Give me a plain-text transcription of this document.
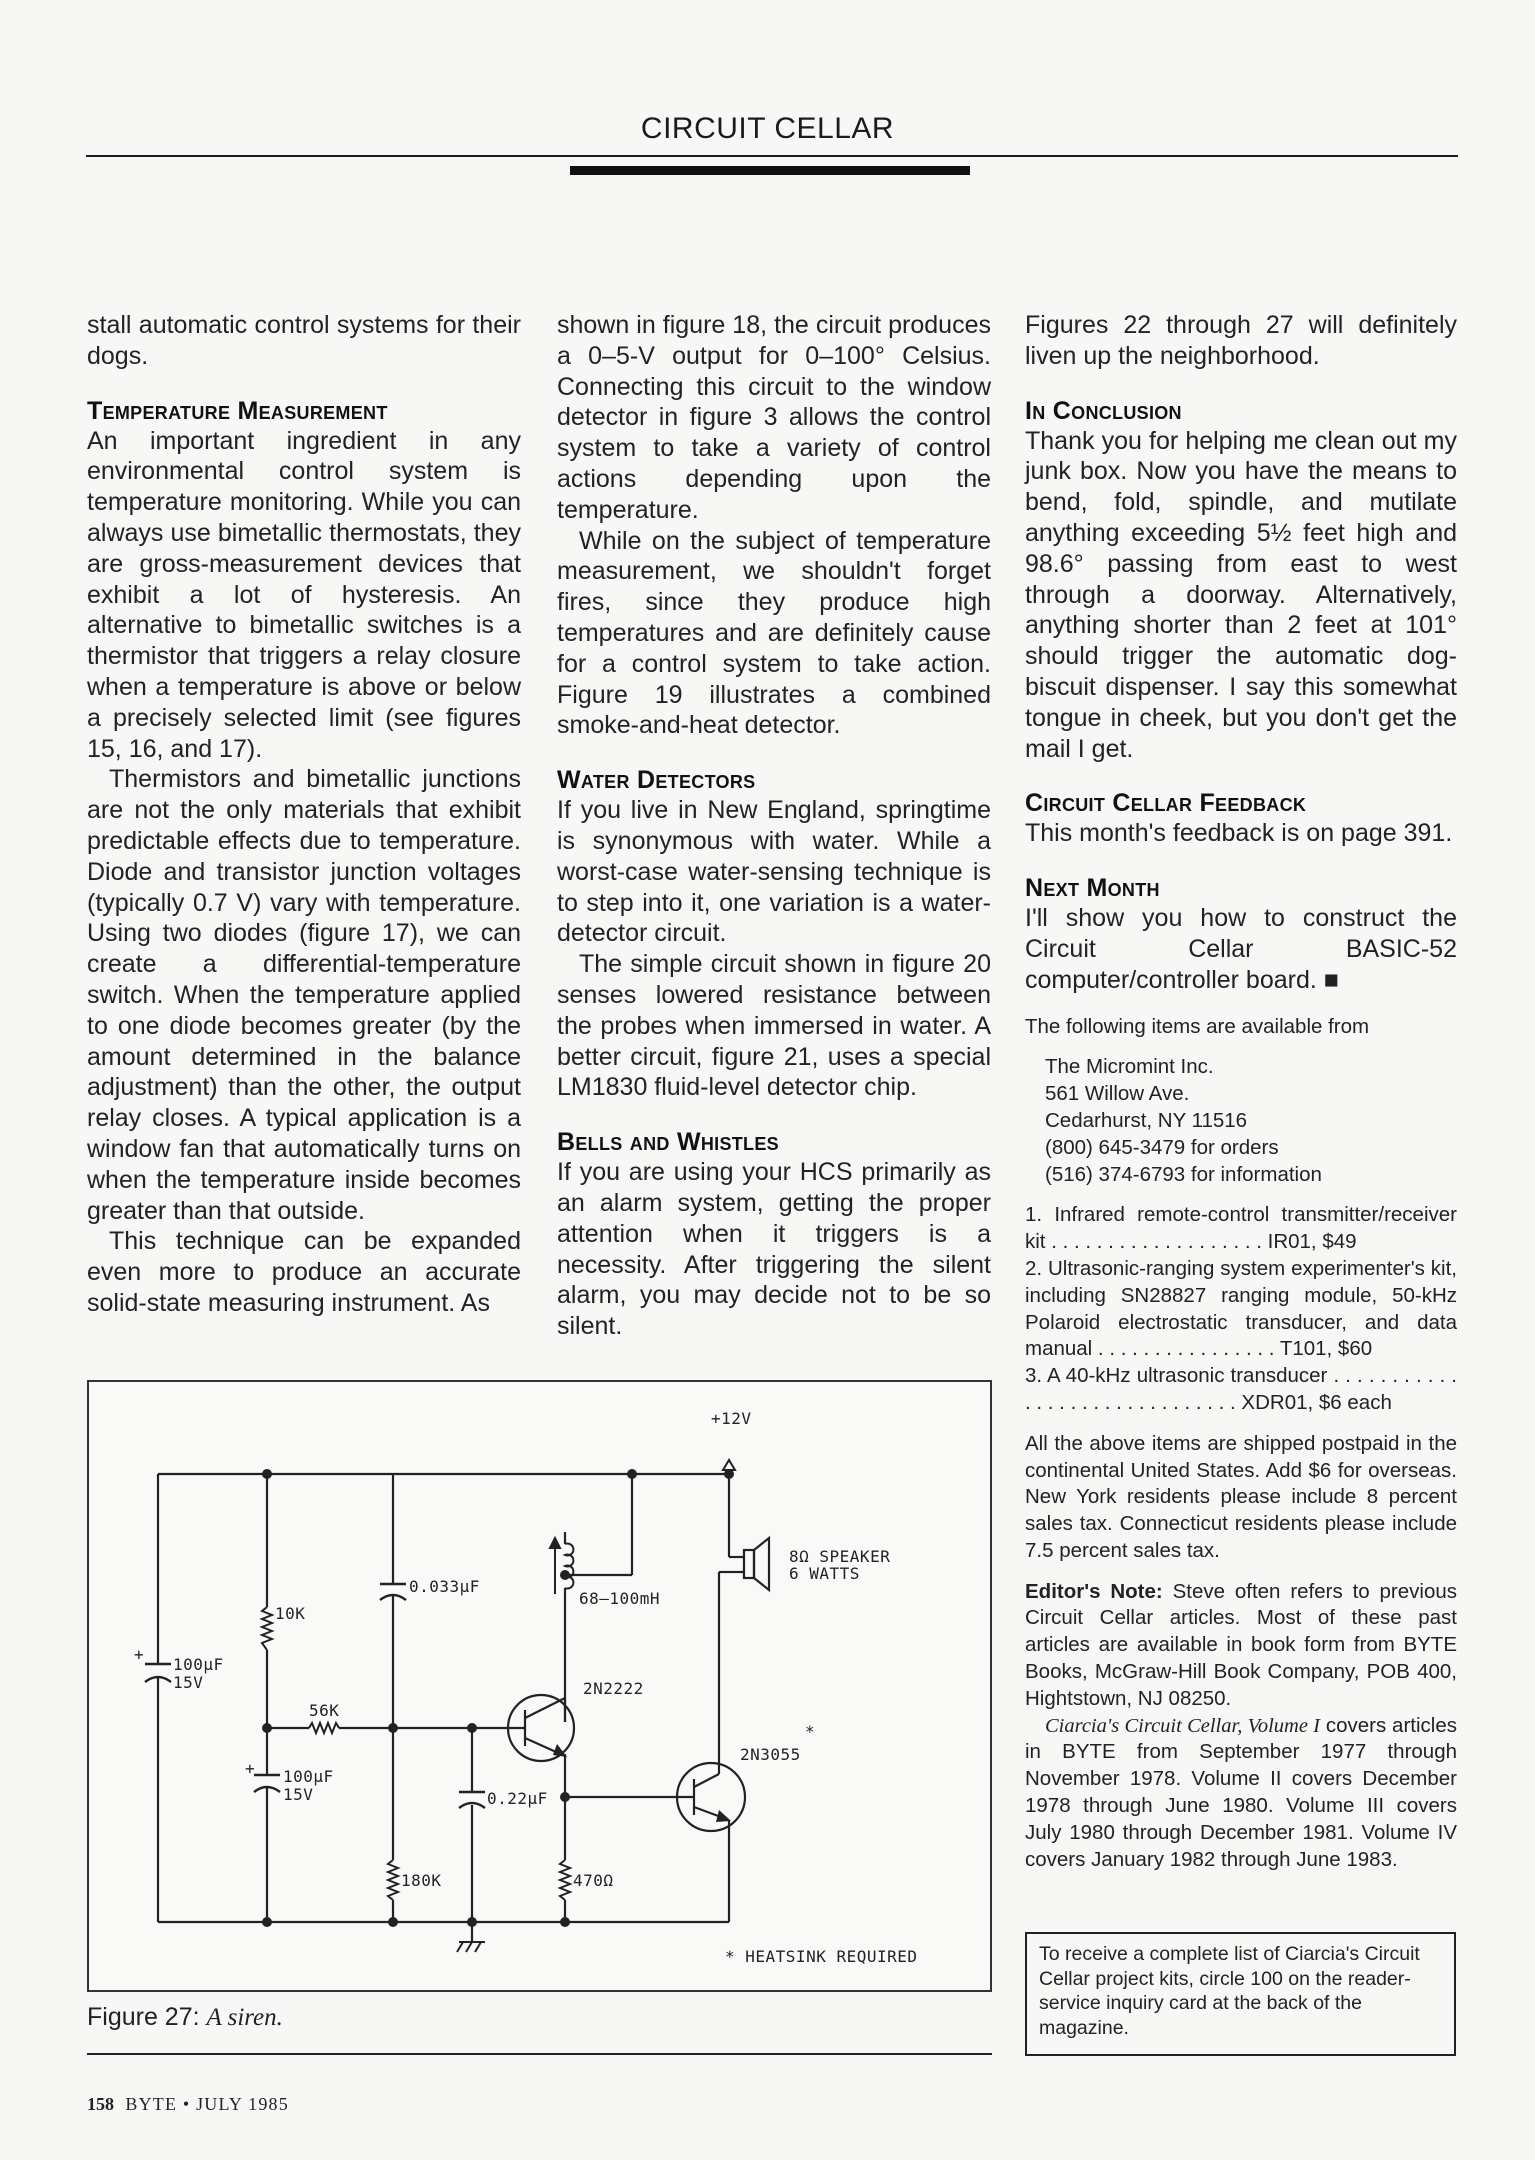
CIRCUIT CELLAR

stall automatic control systems for their dogs.

Temperature Measurement

An important ingredient in any environmental control system is temperature monitoring. While you can always use bimetallic thermostats, they are gross-measurement devices that exhibit a lot of hysteresis. An alternative to bimetallic switches is a thermistor that triggers a relay closure when a temperature is above or below a precisely selected limit (see figures 15, 16, and 17).

Thermistors and bimetallic junctions are not the only materials that exhibit predictable effects due to temperature. Diode and transistor junction voltages (typically 0.7 V) vary with temperature. Using two diodes (figure 17), we can create a differential-temperature switch. When the temperature applied to one diode becomes greater (by the amount determined in the balance adjustment) than the other, the output relay closes. A typical application is a window fan that automatically turns on when the temperature inside becomes greater than that outside.

This technique can be expanded even more to produce an accurate solid-state measuring instrument. As

shown in figure 18, the circuit produces a 0–5-V output for 0–100° Celsius. Connecting this circuit to the window detector in figure 3 allows the control system to take a variety of control actions depending upon the temperature.

While on the subject of temperature measurement, we shouldn't forget fires, since they produce high temperatures and are definitely cause for a control system to take action. Figure 19 illustrates a combined smoke-and-heat detector.

Water Detectors

If you live in New England, springtime is synonymous with water. While a worst-case water-sensing technique is to step into it, one variation is a water-detector circuit.

The simple circuit shown in figure 20 senses lowered resistance between the probes when immersed in water. A better circuit, figure 21, uses a special LM1830 fluid-level detector chip.

Bells and Whistles

If you are using your HCS primarily as an alarm system, getting the proper attention when it triggers is a necessity. After triggering the silent alarm, you may decide not to be so silent.

Figures 22 through 27 will definitely liven up the neighborhood.

In Conclusion

Thank you for helping me clean out my junk box. Now you have the means to bend, fold, spindle, and mutilate anything exceeding 5½ feet high and 98.6° passing from east to west through a doorway. Alternatively, anything shorter than 2 feet at 101° should trigger the automatic dog-biscuit dispenser. I say this somewhat tongue in cheek, but you don't get the mail I get.

Circuit Cellar Feedback

This month's feedback is on page 391.

Next Month

I'll show you how to construct the Circuit Cellar BASIC-52 computer/controller board. ■

The following items are available from

The Micromint Inc.
561 Willow Ave.
Cedarhurst, NY 11516
(800) 645-3479 for orders
(516) 374-6793 for information

1. Infrared remote-control transmitter/receiver kit . . . . . . . . . . . . . . . . . . . IR01, $49

2. Ultrasonic-ranging system experimenter's kit, including SN28827 ranging module, 50-kHz Polaroid electrostatic transducer, and data manual . . . . . . . . . . . . . . . . T101, $60

3. A 40-kHz ultrasonic transducer . . . . . . . . . . . . . . . . . . . . . . . . . . . . . . XDR01, $6 each

All the above items are shipped postpaid in the continental United States. Add $6 for overseas. New York residents please include 8 percent sales tax. Connecticut residents please include 7.5 percent sales tax.

Editor's Note: Steve often refers to previous Circuit Cellar articles. Most of these past articles are available in book form from BYTE Books, McGraw-Hill Book Company, POB 400, Hightstown, NJ 08250.

Ciarcia's Circuit Cellar, Volume I covers articles in BYTE from September 1977 through November 1978. Volume II covers December 1978 through June 1980. Volume III covers July 1980 through December 1981. Volume IV covers January 1982 through June 1983.

To receive a complete list of Ciarcia's Circuit Cellar project kits, circle 100 on the reader-service inquiry card at the back of the magazine.
+12V
+
100μF
15V
+ 100μF
15V
0.033μF
0.22μF
10K
56K
180K	470Ω
68–100mH
2N2222
2N3055
*
8Ω SPEAKER
6 WATTS
* HEATSINK REQUIRED
Figure 27: A siren.
158 BYTE • JULY 1985
